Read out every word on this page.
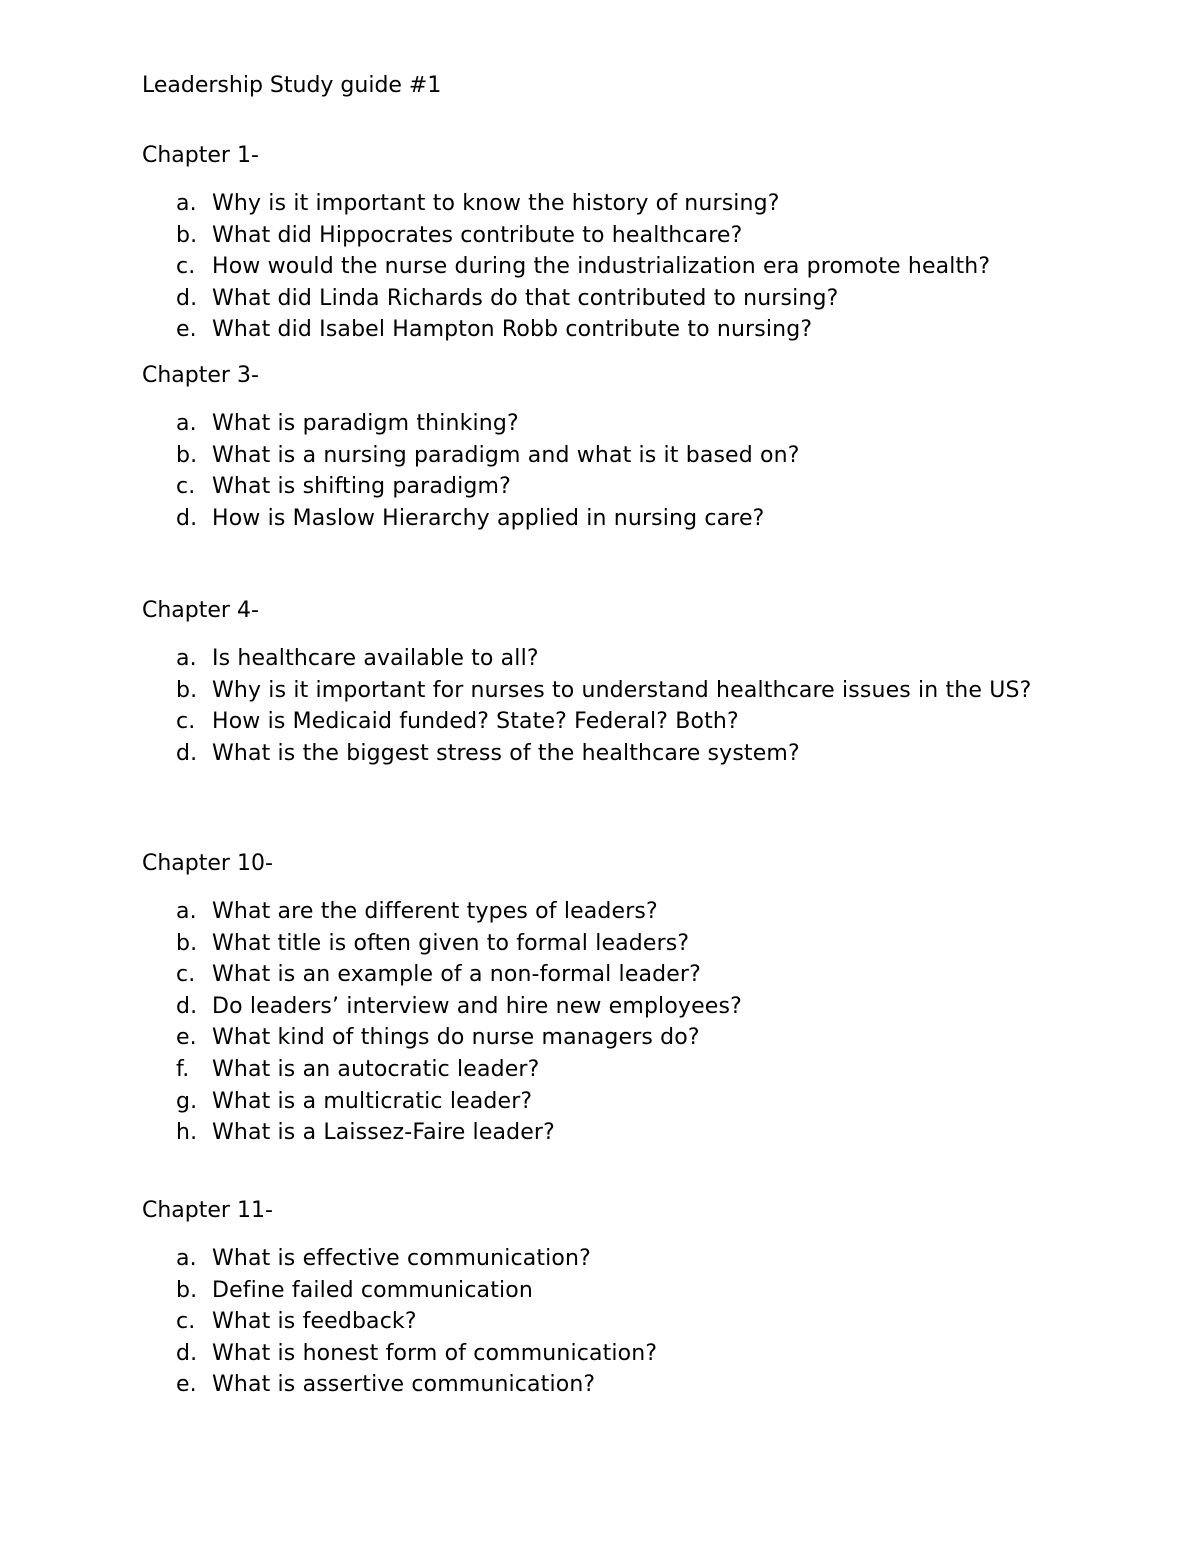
Leadership Study guide #1
Chapter 1-
a. Why is it important to know the history of nursing?
b. What did Hippocrates contribute to healthcare?
c. How would the nurse during the industrialization era promote health?
d. What did Linda Richards do that contributed to nursing?
e. What did Isabel Hampton Robb contribute to nursing?
Chapter 3-
a. What is paradigm thinking?
b. What is a nursing paradigm and what is it based on?
c. What is shifting paradigm?
d. How is Maslow Hierarchy applied in nursing care?
Chapter 4-
a. Is healthcare available to all?
b. Why is it important for nurses to understand healthcare issues in the US?
c. How is Medicaid funded? State? Federal? Both?
d. What is the biggest stress of the healthcare system?
Chapter 10-
a. What are the different types of leaders?
b. What title is often given to formal leaders?
c. What is an example of a non-formal leader?
d. Do leaders’ interview and hire new employees?
e. What kind of things do nurse managers do?
f. What is an autocratic leader?
g. What is a multicratic leader?
h. What is a Laissez-Faire leader?
Chapter 11-
a. What is effective communication?
b. Define failed communication
c. What is feedback?
d. What is honest form of communication?
e. What is assertive communication?
